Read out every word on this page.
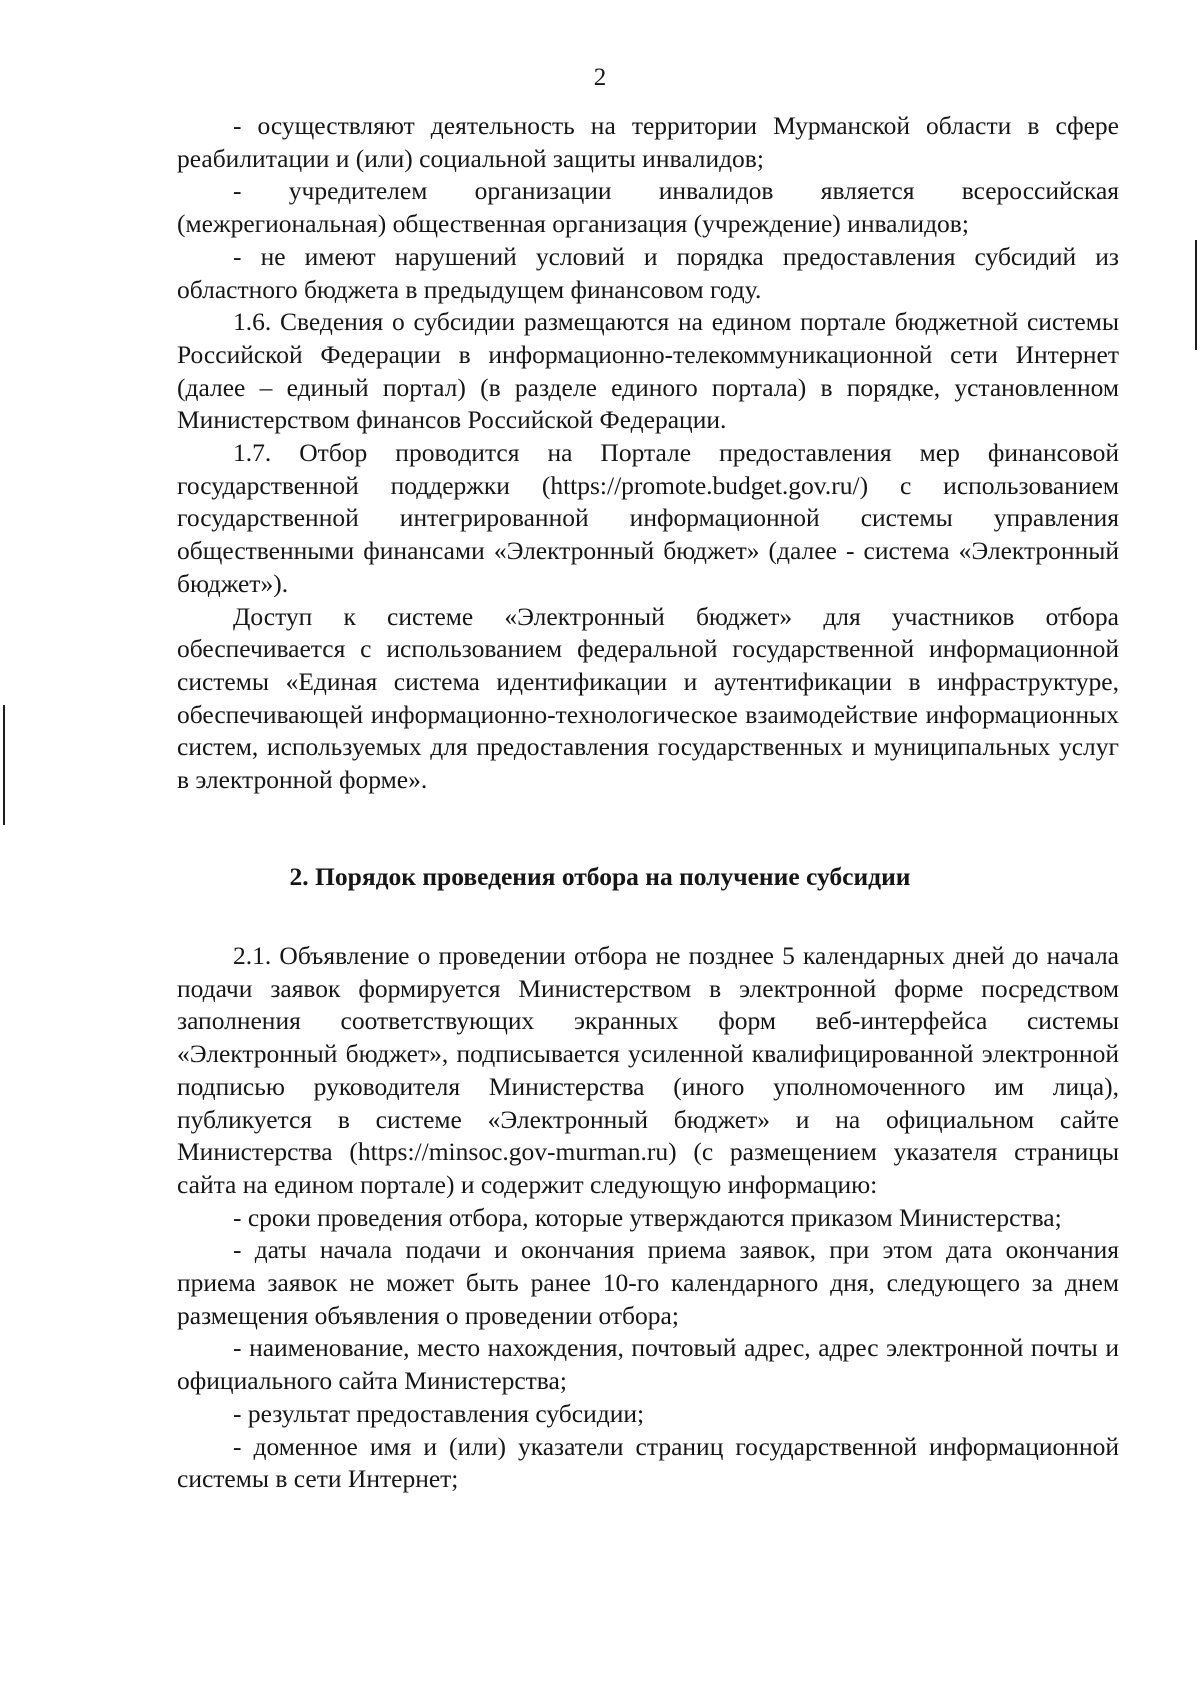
2

- осуществляют деятельность на территории Мурманской области в сфере реабилитации и (или) социальной защиты инвалидов;

- учредителем организации инвалидов является всероссийская (межрегиональная) общественная организация (учреждение) инвалидов;

- не имеют нарушений условий и порядка предоставления субсидий из областного бюджета в предыдущем финансовом году.

1.6. Сведения о субсидии размещаются на едином портале бюджетной системы Российской Федерации в информационно-телекоммуникационной сети Интернет (далее – единый портал) (в разделе единого портала) в порядке, установленном Министерством финансов Российской Федерации.

1.7. Отбор проводится на Портале предоставления мер финансовой государственной поддержки (https://promote.budget.gov.ru/) с использованием государственной интегрированной информационной системы управления общественными финансами «Электронный бюджет» (далее - система «Электронный бюджет»).

Доступ к системе «Электронный бюджет» для участников отбора обеспечивается с использованием федеральной государственной информационной системы «Единая система идентификации и аутентификации в инфраструктуре, обеспечивающей информационно-технологическое взаимодействие информационных систем, используемых для предоставления государственных и муниципальных услуг в электронной форме».

2. Порядок проведения отбора на получение субсидии

2.1. Объявление о проведении отбора не позднее 5 календарных дней до начала подачи заявок формируется Министерством в электронной форме посредством заполнения соответствующих экранных форм веб-интерфейса системы «Электронный бюджет», подписывается усиленной квалифицированной электронной подписью руководителя Министерства (иного уполномоченного им лица), публикуется в системе «Электронный бюджет» и на официальном сайте Министерства (https://minsoc.gov-murman.ru) (с размещением указателя страницы сайта на едином портале) и содержит следующую информацию:

- сроки проведения отбора, которые утверждаются приказом Министерства;

- даты начала подачи и окончания приема заявок, при этом дата окончания приема заявок не может быть ранее 10-го календарного дня, следующего за днем размещения объявления о проведении отбора;

- наименование, место нахождения, почтовый адрес, адрес электронной почты и официального сайта Министерства;

- результат предоставления субсидии;

- доменное имя и (или) указатели страниц государственной информационной системы в сети Интернет;
